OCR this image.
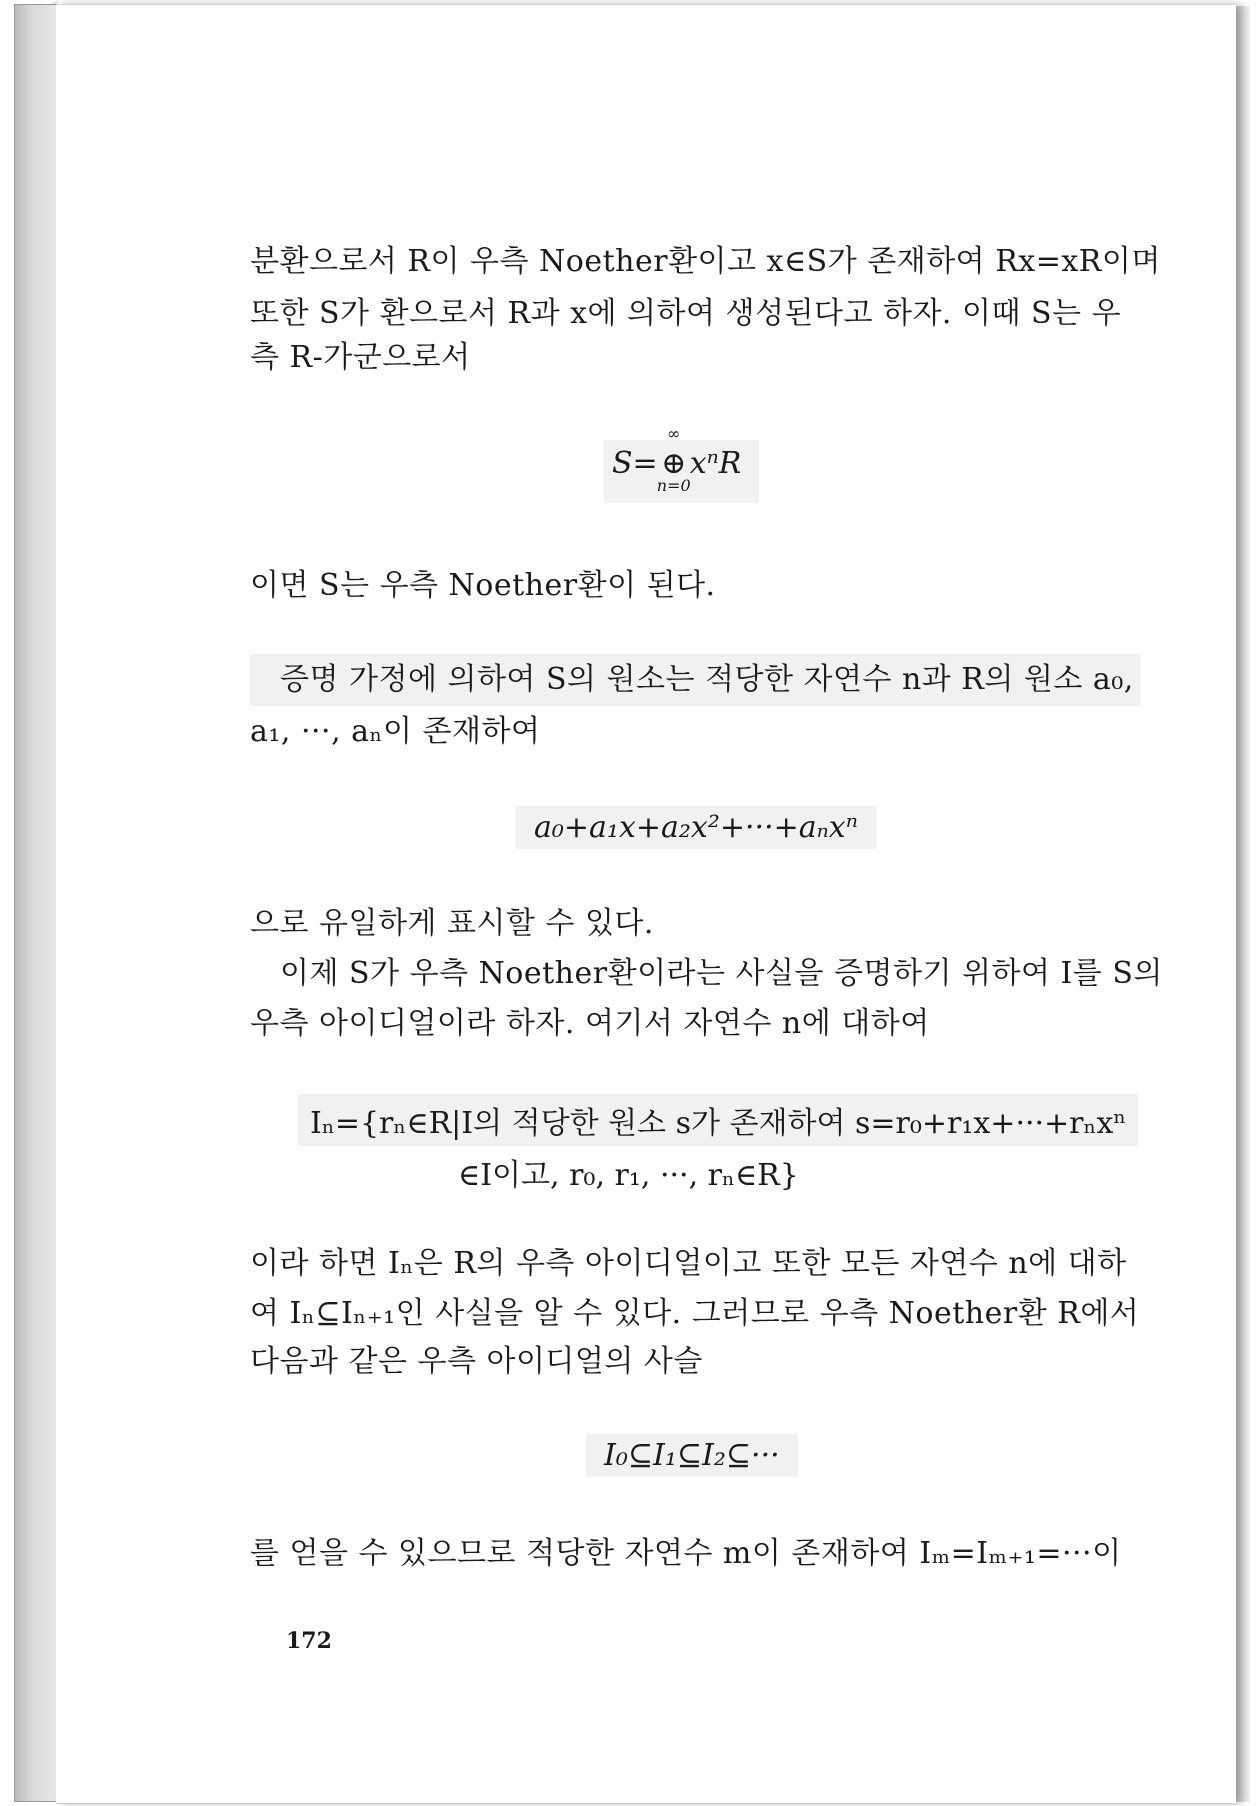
분환으로서 R이 우측 Noether환이고 x∈S가 존재하여 Rx=xR이며
또한 S가 환으로서 R과 x에 의하여 생성된다고 하자. 이때 S는 우
측 R-가군으로서
S=
∞
⊕
n=0
xⁿR
이면 S는 우측 Noether환이 된다.
증명 가정에 의하여 S의 원소는 적당한 자연수 n과 R의 원소 a₀,
a₁, ···, aₙ이 존재하여
a₀+a₁x+a₂x²+···+aₙxⁿ
으로 유일하게 표시할 수 있다.
이제 S가 우측 Noether환이라는 사실을 증명하기 위하여 I를 S의
우측 아이디얼이라 하자. 여기서 자연수 n에 대하여
Iₙ={rₙ∈R|I의 적당한 원소 s가 존재하여 s=r₀+r₁x+···+rₙxⁿ
∈I이고, r₀, r₁, ···, rₙ∈R}
이라 하면 Iₙ은 R의 우측 아이디얼이고 또한 모든 자연수 n에 대하
여 Iₙ⊆Iₙ₊₁인 사실을 알 수 있다. 그러므로 우측 Noether환 R에서
다음과 같은 우측 아이디얼의 사슬
I₀⊆I₁⊆I₂⊆···
를 얻을 수 있으므로 적당한 자연수 m이 존재하여 Iₘ=Iₘ₊₁=···이
172
